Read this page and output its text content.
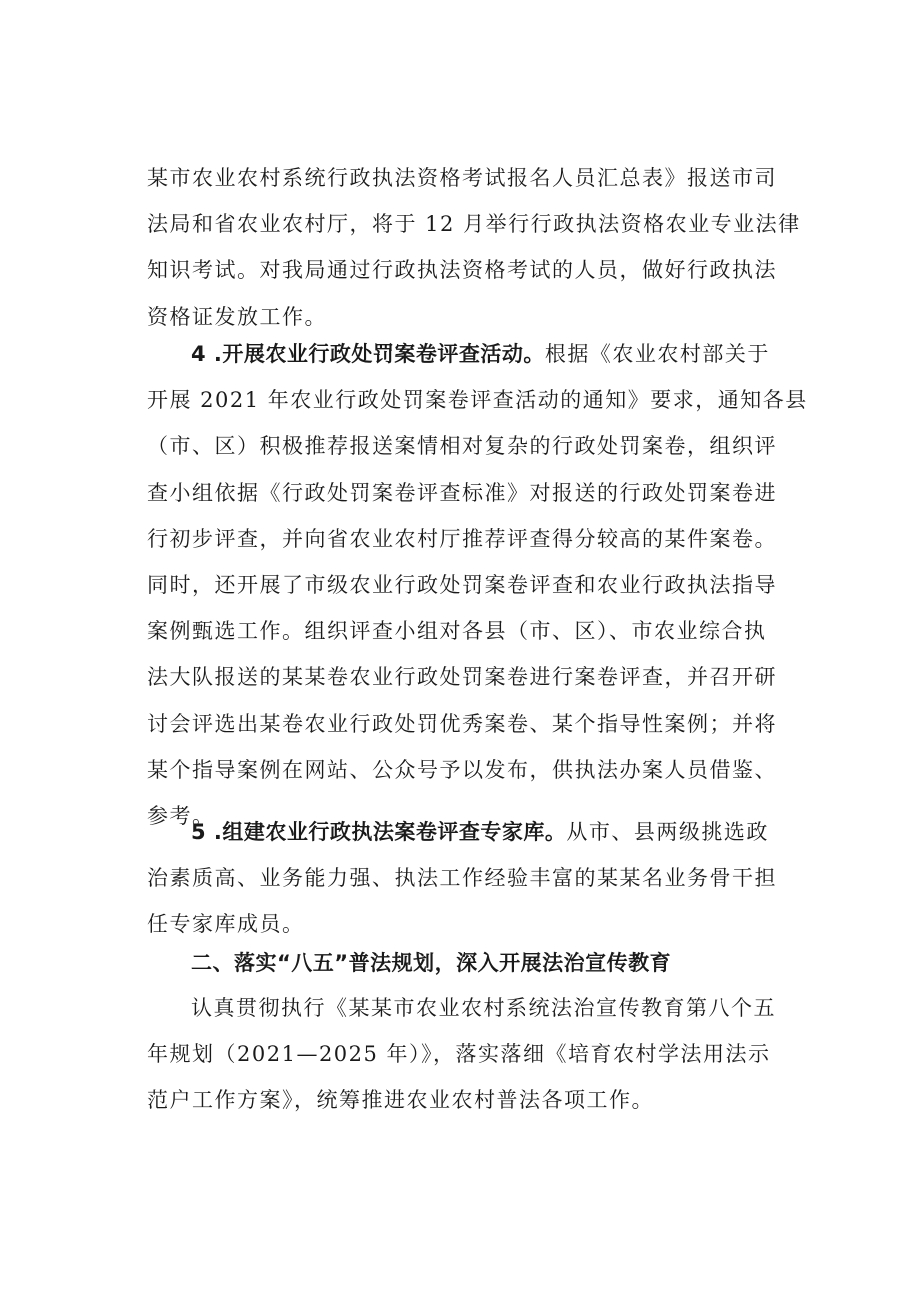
某市农业农村系统行政执法资格考试报名人员汇总表》报送市司
法局和省农业农村厅，将于 12 月举行行政执法资格农业专业法律
知识考试。对我局通过行政执法资格考试的人员，做好行政执法
资格证发放工作。
4 .开展农业行政处罚案卷评查活动。根据《农业农村部关于
开展 2021 年农业行政处罚案卷评查活动的通知》要求，通知各县
（市、区）积极推荐报送案情相对复杂的行政处罚案卷，组织评
查小组依据《行政处罚案卷评查标准》对报送的行政处罚案卷进
行初步评查，并向省农业农村厅推荐评查得分较高的某件案卷。
同时，还开展了市级农业行政处罚案卷评查和农业行政执法指导
案例甄选工作。组织评查小组对各县（市、区）、市农业综合执
法大队报送的某某卷农业行政处罚案卷进行案卷评查，并召开研
讨会评选出某卷农业行政处罚优秀案卷、某个指导性案例；并将
某个指导案例在网站、公众号予以发布，供执法办案人员借鉴、
参考。
5 .组建农业行政执法案卷评查专家库。从市、县两级挑选政
治素质高、业务能力强、执法工作经验丰富的某某名业务骨干担
任专家库成员。
二、落实“八五”普法规划，深入开展法治宣传教育
认真贯彻执行《某某市农业农村系统法治宣传教育第八个五
年规划（2021—2025 年）》，落实落细《培育农村学法用法示
范户工作方案》，统筹推进农业农村普法各项工作。
